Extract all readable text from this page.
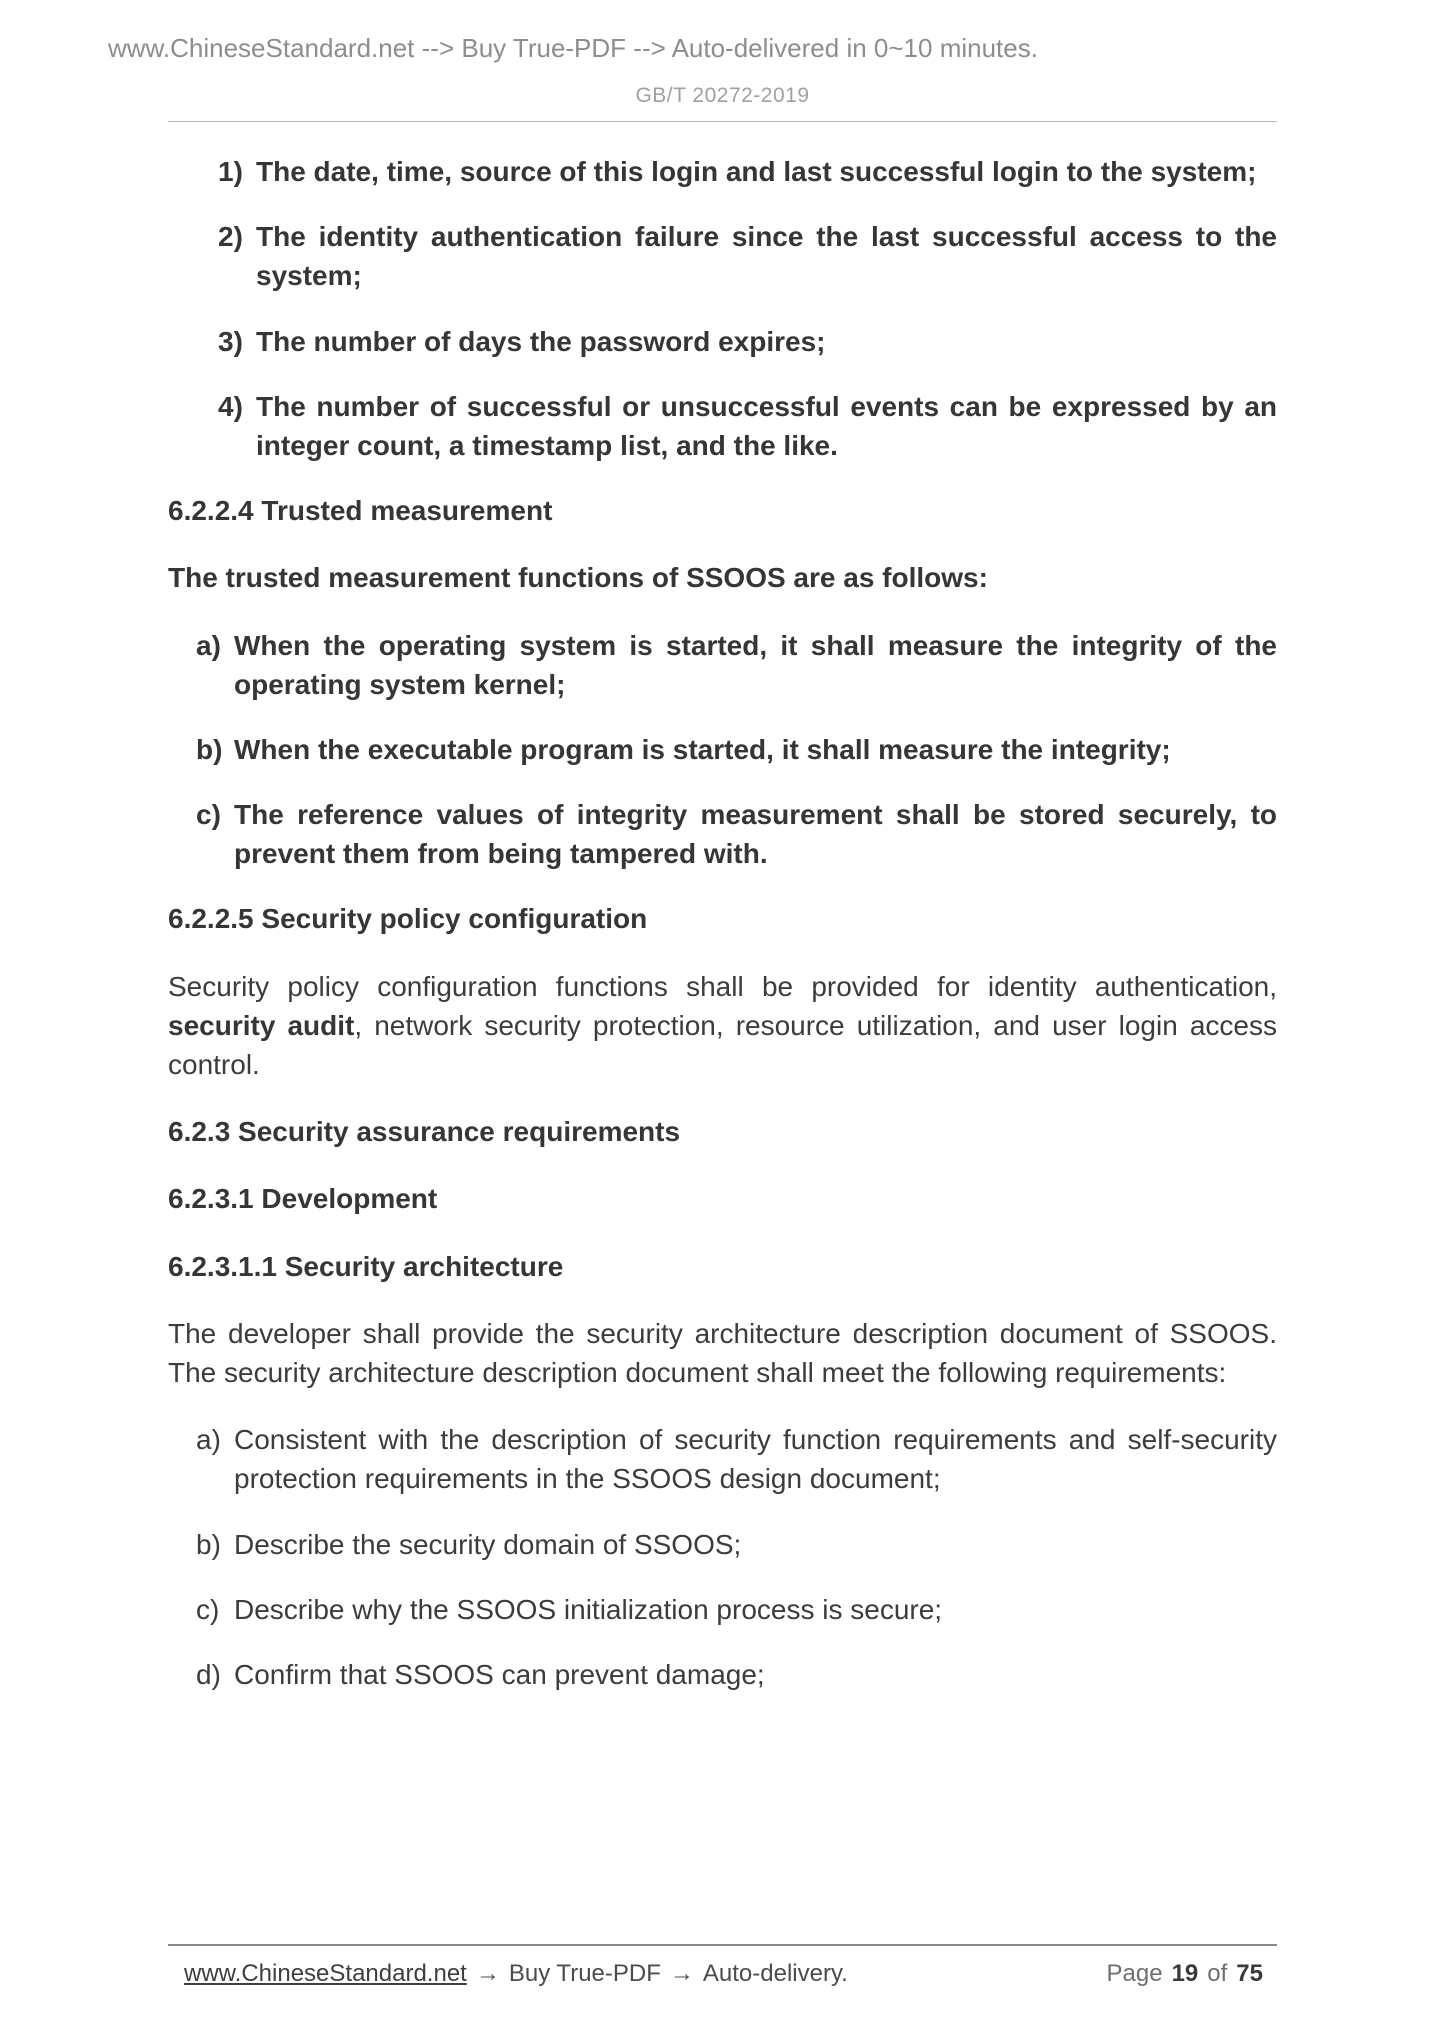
www.ChineseStandard.net --> Buy True-PDF --> Auto-delivered in 0~10 minutes.
GB/T 20272-2019
1) The date, time, source of this login and last successful login to the system;
2) The identity authentication failure since the last successful access to the system;
3) The number of days the password expires;
4) The number of successful or unsuccessful events can be expressed by an integer count, a timestamp list, and the like.
6.2.2.4 Trusted measurement
The trusted measurement functions of SSOOS are as follows:
a) When the operating system is started, it shall measure the integrity of the operating system kernel;
b) When the executable program is started, it shall measure the integrity;
c) The reference values of integrity measurement shall be stored securely, to prevent them from being tampered with.
6.2.2.5 Security policy configuration
Security policy configuration functions shall be provided for identity authentication, security audit, network security protection, resource utilization, and user login access control.
6.2.3 Security assurance requirements
6.2.3.1 Development
6.2.3.1.1 Security architecture
The developer shall provide the security architecture description document of SSOOS. The security architecture description document shall meet the following requirements:
a) Consistent with the description of security function requirements and self-security protection requirements in the SSOOS design document;
b) Describe the security domain of SSOOS;
c) Describe why the SSOOS initialization process is secure;
d) Confirm that SSOOS can prevent damage;
www.ChineseStandard.net → Buy True-PDF → Auto-delivery.	Page 19 of 75
